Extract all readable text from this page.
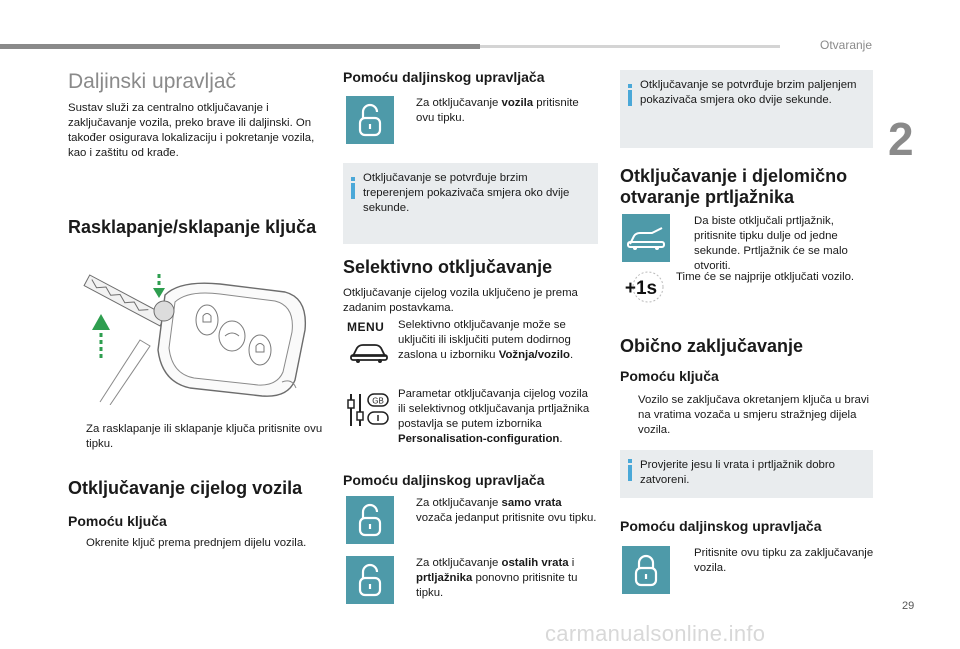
Otvaranje
2
Daljinski upravljač
Sustav služi za centralno otključavanje i zaključavanje vozila, preko brave ili daljinski. On također osigurava lokalizaciju i pokretanje vozila, kao i zaštitu od krađe.
Rasklapanje/sklapanje ključa
Za rasklapanje ili sklapanje ključa pritisnite ovu tipku.
Otključavanje cijelog vozila
Pomoću ključa
Okrenite ključ prema prednjem dijelu vozila.
Pomoću daljinskog upravljača
Za otključavanje vozila pritisnite ovu tipku.
Otključavanje se potvrđuje brzim treperenjem pokazivača smjera oko dvije sekunde.
Selektivno otključavanje
Otključavanje cijelog vozila uključeno je prema zadanim postavkama.
MENU Selektivno otključavanje može se uključiti ili isključiti putem dodirnog zaslona u izborniku Vožnja/vozilo.
GB
Parametar otključavanja cijelog vozila ili selektivnog otključavanja prtljažnika postavlja se putem izbornika Personalisation-configuration.
Pomoću daljinskog upravljača
Za otključavanje samo vrata vozača jedanput pritisnite ovu tipku.
Za otključavanje ostalih vrata i prtljažnika ponovno pritisnite tu tipku.
Otključavanje se potvrđuje brzim paljenjem pokazivača smjera oko dvije sekunde.
Otključavanje i djelomično otvaranje prtljažnika
Da biste otključali prtljažnik, pritisnite tipku dulje od jedne sekunde. Prtljažnik će se malo otvoriti.
+1s
Time će se najprije otključati vozilo.
Obično zaključavanje
Pomoću ključa
Vozilo se zaključava okretanjem ključa u bravi na vratima vozača u smjeru stražnjeg dijela vozila.
Provjerite jesu li vrata i prtljažnik dobro zatvoreni.
Pomoću daljinskog upravljača
Pritisnite ovu tipku za zaključavanje vozila.
29
carmanualsonline.info
